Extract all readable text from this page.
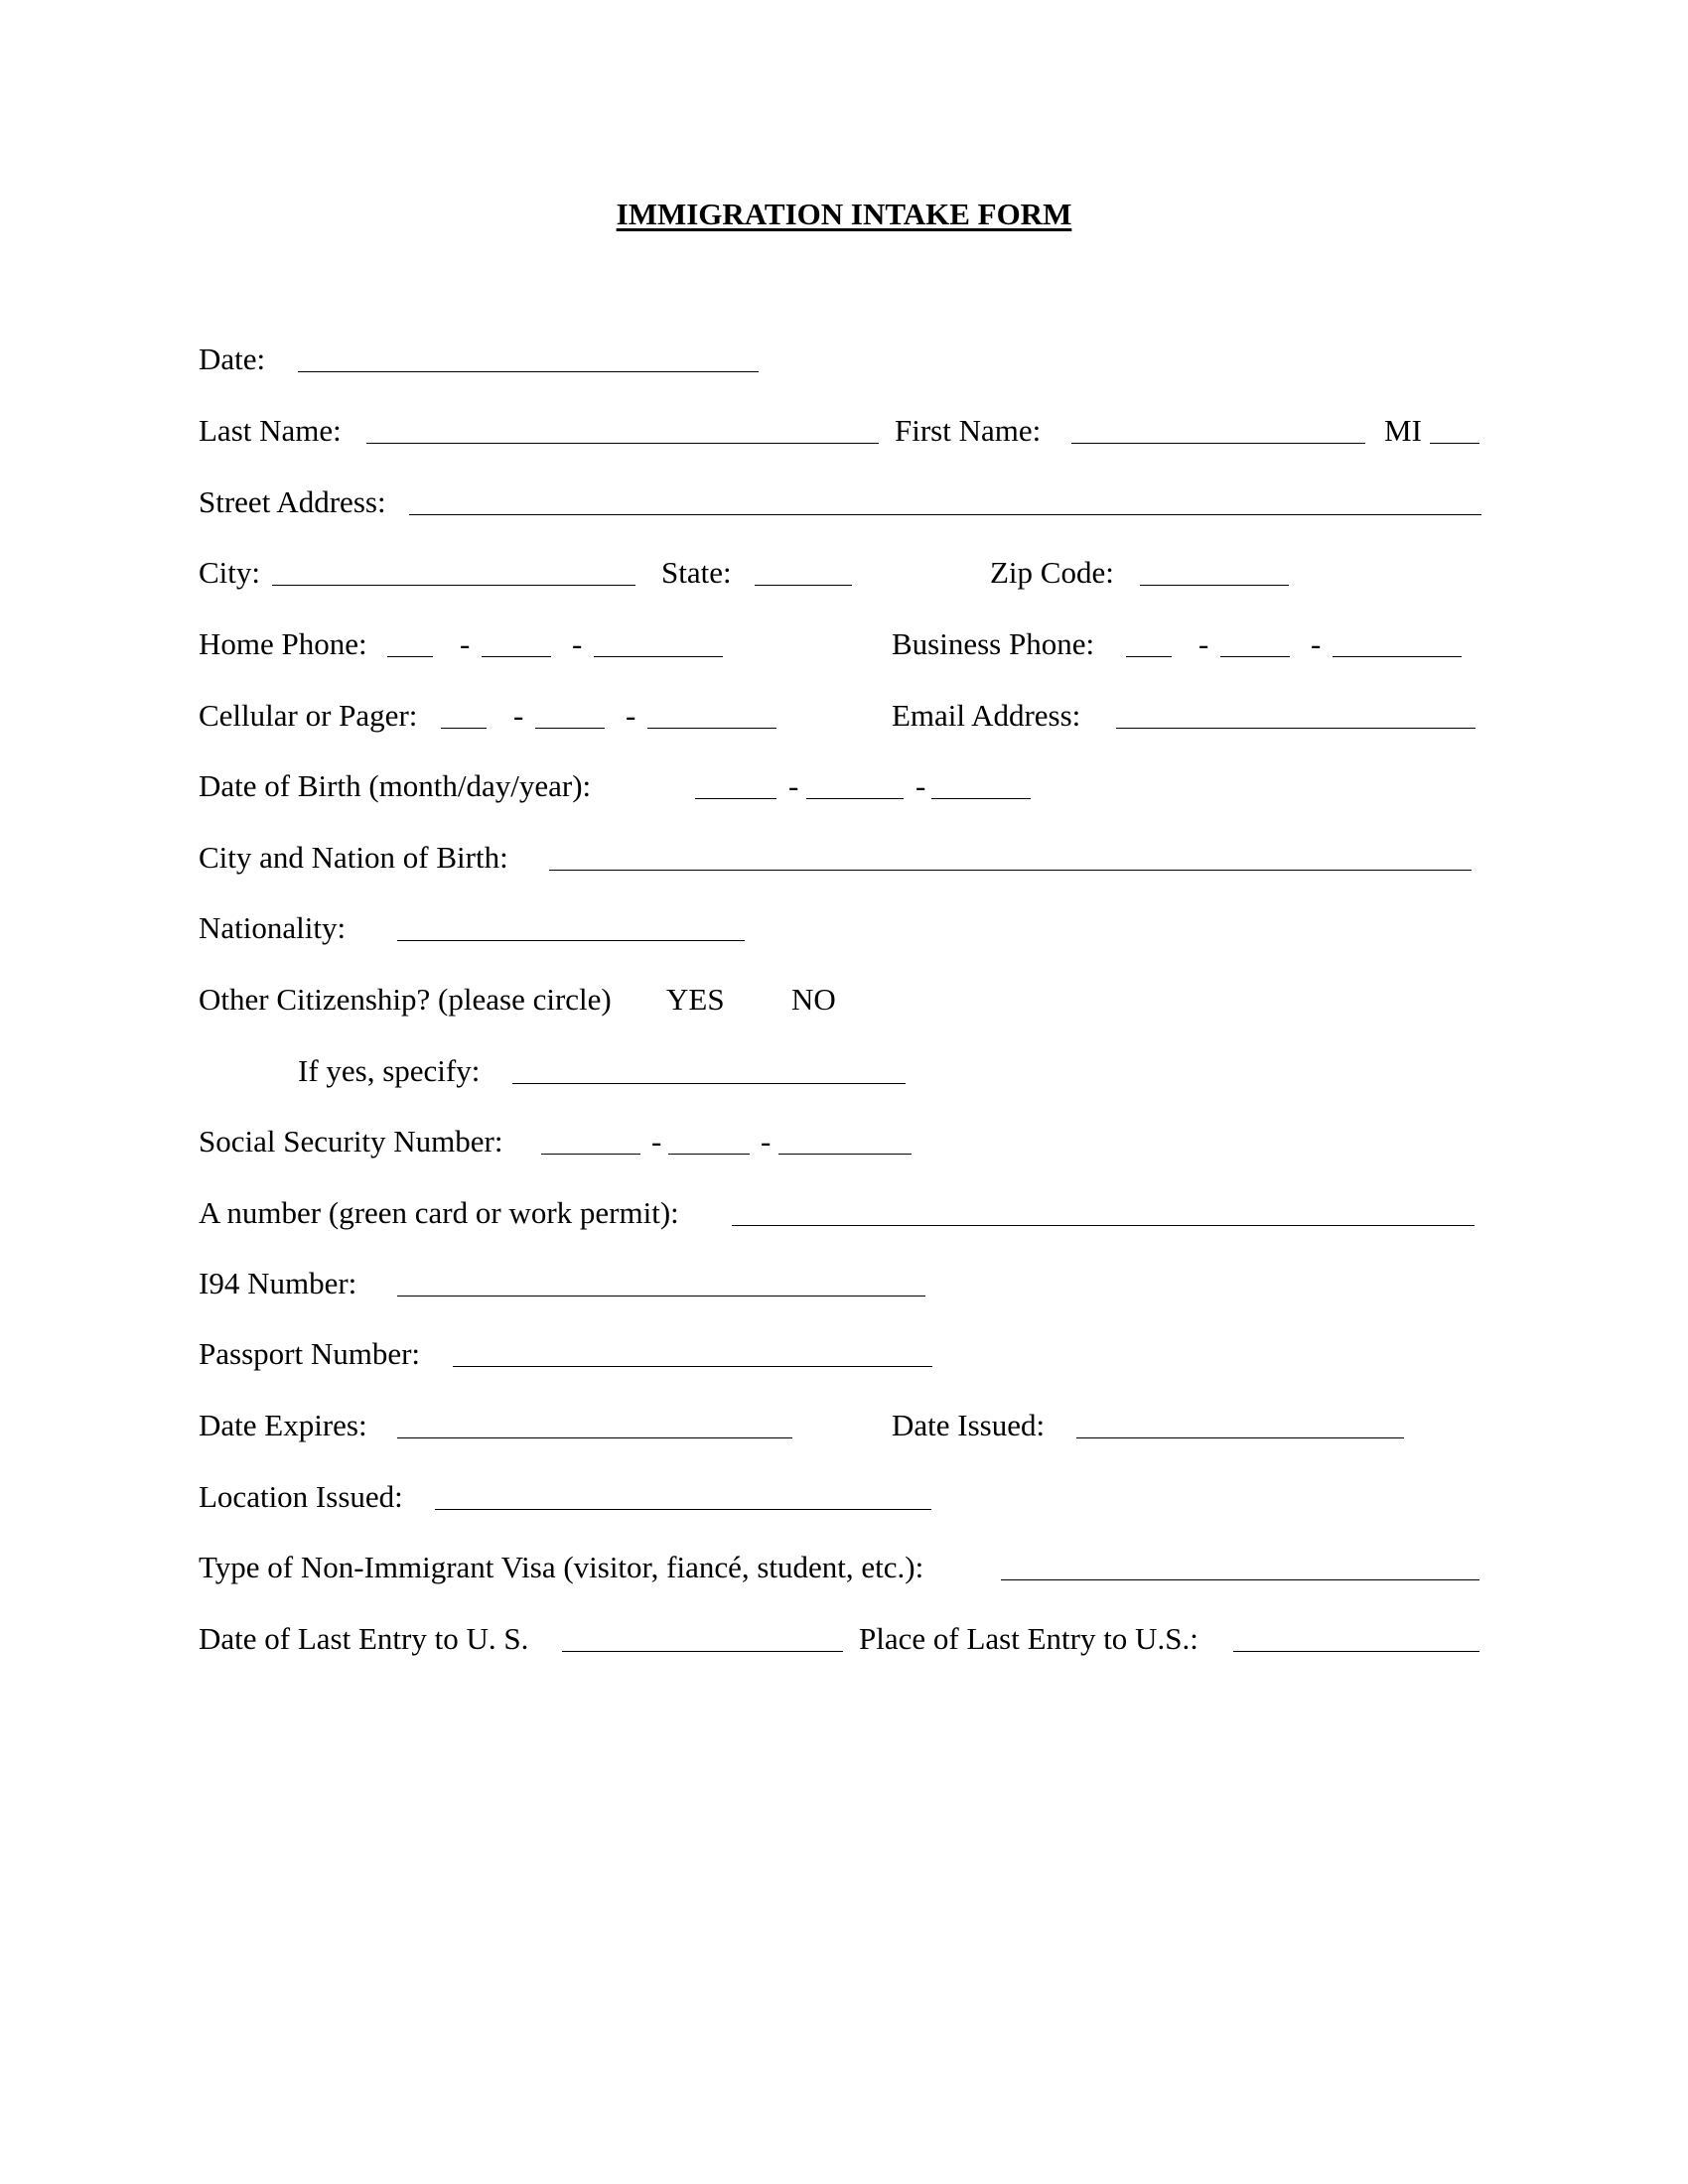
IMMIGRATION INTAKE FORM
Date:
Last Name:	First Name:	MI
Street Address:
City:	State:	Zip Code:
Home Phone:	-	-	Business Phone:	-	-
Cellular or Pager:	-	-	Email Address:
Date of Birth (month/day/year):	-	-
City and Nation of Birth:
Nationality:
Other Citizenship? (please circle) YES NO
If yes, specify:
Social Security Number:	-	-
A number (green card or work permit):
I94 Number:
Passport Number:
Date Expires:	Date Issued:
Location Issued:
Type of Non-Immigrant Visa (visitor, fiancé, student, etc.):
Date of Last Entry to U. S.	Place of Last Entry to U.S.:
